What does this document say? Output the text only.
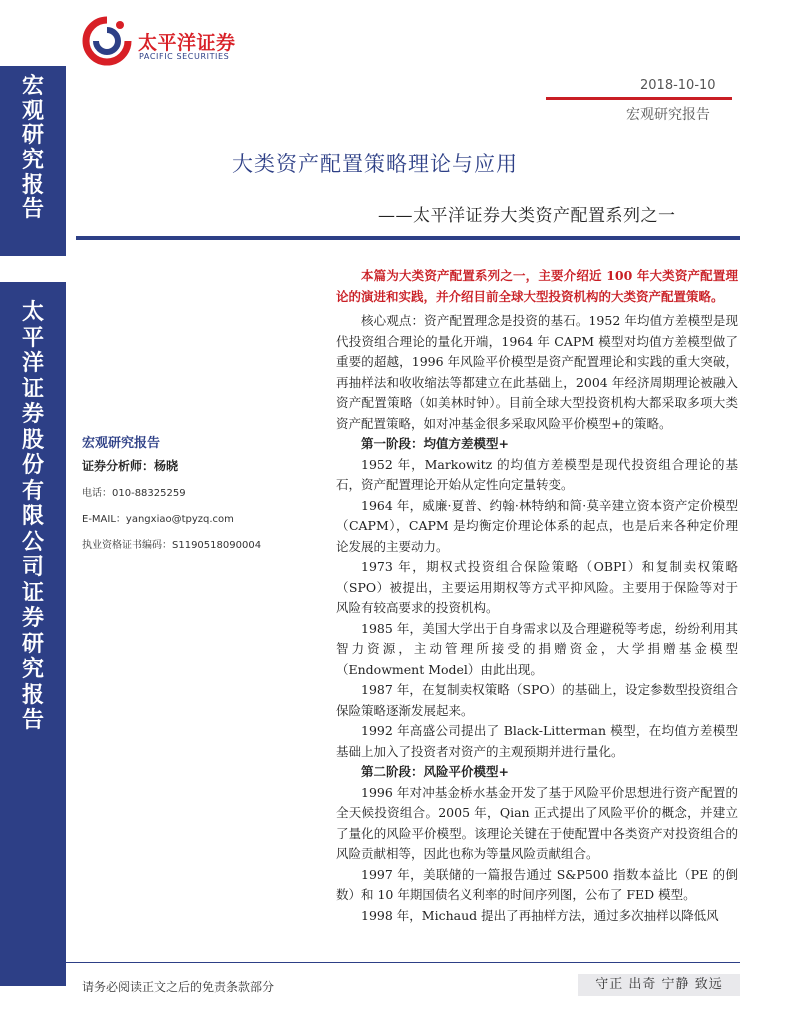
宏
观
研
究
报
告
太
平
洋
证
券
股
份
有
限
公
司
证
券
研
究
报
告
太平洋证券
PACIFIC SECURITIES
2018-10-10
宏观研究报告
大类资产配置策略理论与应用
——太平洋证券大类资产配置系列之一
宏观研究报告
证券分析师：杨晓
电话：010-88325259
E-MAIL：yangxiao@tpyzq.com
执业资格证书编码：S1190518090004

本篇为大类资产配置系列之一，主要介绍近 100 年大类资产配置理论的演进和实践，并介绍目前全球大型投资机构的大类资产配置策略。

核心观点：资产配置理念是投资的基石。1952 年均值方差模型是现代投资组合理论的量化开端，1964 年 CAPM 模型对均值方差模型做了重要的超越，1996 年风险平价模型是资产配置理论和实践的重大突破，再抽样法和收收缩法等都建立在此基础上，2004 年经济周期理论被融入资产配置策略（如美林时钟）。目前全球大型投资机构大都采取多项大类资产配置策略，如对冲基金很多采取风险平价模型+的策略。

第一阶段：均值方差模型+

1952 年，Markowitz 的均值方差模型是现代投资组合理论的基石，资产配置理论开始从定性向定量转变。

1964 年，威廉·夏普、约翰·林特纳和简·莫辛建立资本资产定价模型（CAPM），CAPM 是均衡定价理论体系的起点，也是后来各种定价理论发展的主要动力。

1973 年，期权式投资组合保险策略（OBPI）和复制卖权策略（SPO）被提出，主要运用期权等方式平抑风险。主要用于保险等对于风险有较高要求的投资机构。

1985 年，美国大学出于自身需求以及合理避税等考虑，纷纷利用其智力资源，主动管理所接受的捐赠资金，大学捐赠基金模型（Endowment Model）由此出现。

1987 年，在复制卖权策略（SPO）的基础上，设定参数型投资组合保险策略逐渐发展起来。

1992 年高盛公司提出了 Black-Litterman 模型，在均值方差模型基础上加入了投资者对资产的主观预期并进行量化。

第二阶段：风险平价模型+

1996 年对冲基金桥水基金开发了基于风险平价思想进行资产配置的全天候投资组合。2005 年，Qian 正式提出了风险平价的概念，并建立了量化的风险平价模型。该理论关键在于使配置中各类资产对投资组合的风险贡献相等，因此也称为等量风险贡献组合。

1997 年，美联储的一篇报告通过 S&P500 指数本益比（PE 的倒数）和 10 年期国债名义利率的时间序列图，公布了 FED 模型。

1998 年，Michaud 提出了再抽样方法，通过多次抽样以降低风

请务必阅读正文之后的免责条款部分	守正 出奇 宁静 致远
